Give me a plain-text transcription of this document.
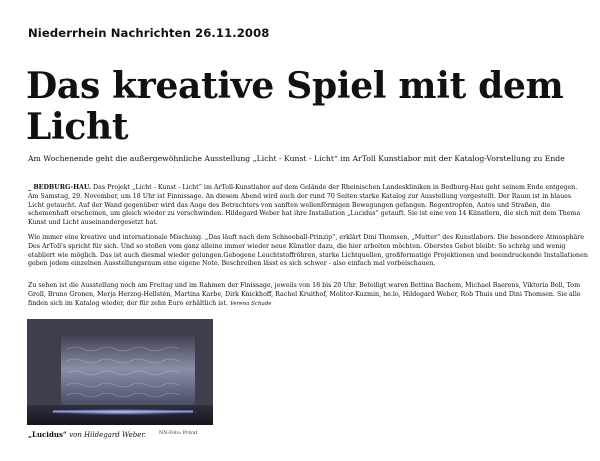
Niederrhein Nachrichten 26.11.2008
Das kreative Spiel mit dem Licht
Am Wochenende geht die außergewöhnliche Ausstellung „Licht - Kunst - Licht“ im ArToll Kunstlabor mit der Katalog-Vorstellung zu Ende

_ BEDBURG-HAU. Das Projekt „Licht - Kunst - Licht“ im ArToll-Kunstlabor auf dem Gelände der Rheinischen Landeskliniken in Bedburg-Hau geht seinem Ende entgegen. Am Samstag, 29. November, um 18 Uhr ist Finnissage. An diesem Abend wird auch der rund 70 Seiten starke Katalog zur Ausstellung vorgestellt. Der Raum ist in blaues Licht getaucht. Auf der Wand gegenüber wird das Auge des Betrachters von sanften wellenförmigen Bewegungen gefangen. Regentropfen, Autos und Straßen, die schemenhaft erscheinen, um gleich wieder zu verschwinden. Hildegard Weber hat ihre Installation „Lucidus“ getauft. Sie ist eine von 14 Künstlern, die sich mit dem Thema Kunst und Licht auseinandergesetzt hat.

Wie immer eine kreative und internationale Mischung. „Das läuft nach dem Schneeball-Prinzip“, erklärt Dini Thomsen, „Mutter“ des Kunstlabors. Die besondere Atmosphäre Des ArToll's spricht für sich. Und so stoßen vom ganz alleine immer wieder neue Künstler dazu, die hier arbeiten möchten. Oberstes Gebot bleibt: So schräg und wenig etabliert wie möglich. Das ist auch diesmal wieder gelungen.Gebogene Leuchtstoffröhren, starke Lichtquellen, großformatige Projektionen und beeindruckende Installationen geben jedem einzelnen Ausstellungsraum eine eigene Note. Beschreiben lässt es sich schwer - also einfach mal vorbeischauen.

Zu sehen ist die Ausstellung noch am Freitag und im Rahmen der Finissage, jeweils von 18 bis 20 Uhr. Beteiligt waren Bettina Bachem, Michael Baerens, Viktoria Bell, Tom Groll, Bruno Gronen, Merja Herzog-Hellstén, Martina Karbe, Dirk Knickhoff, Rachel Kruithof, Molitor-Kuzmin, he.lo, Hildegard Weber, Rob Thuis und Dini Thomsen. Sie alle finden sich im Katalog wieder, der für zehn Euro erhältlich ist. Verena Schade

„Lucidus“ von Hildegard Weber.	NN-Foto: Privat
